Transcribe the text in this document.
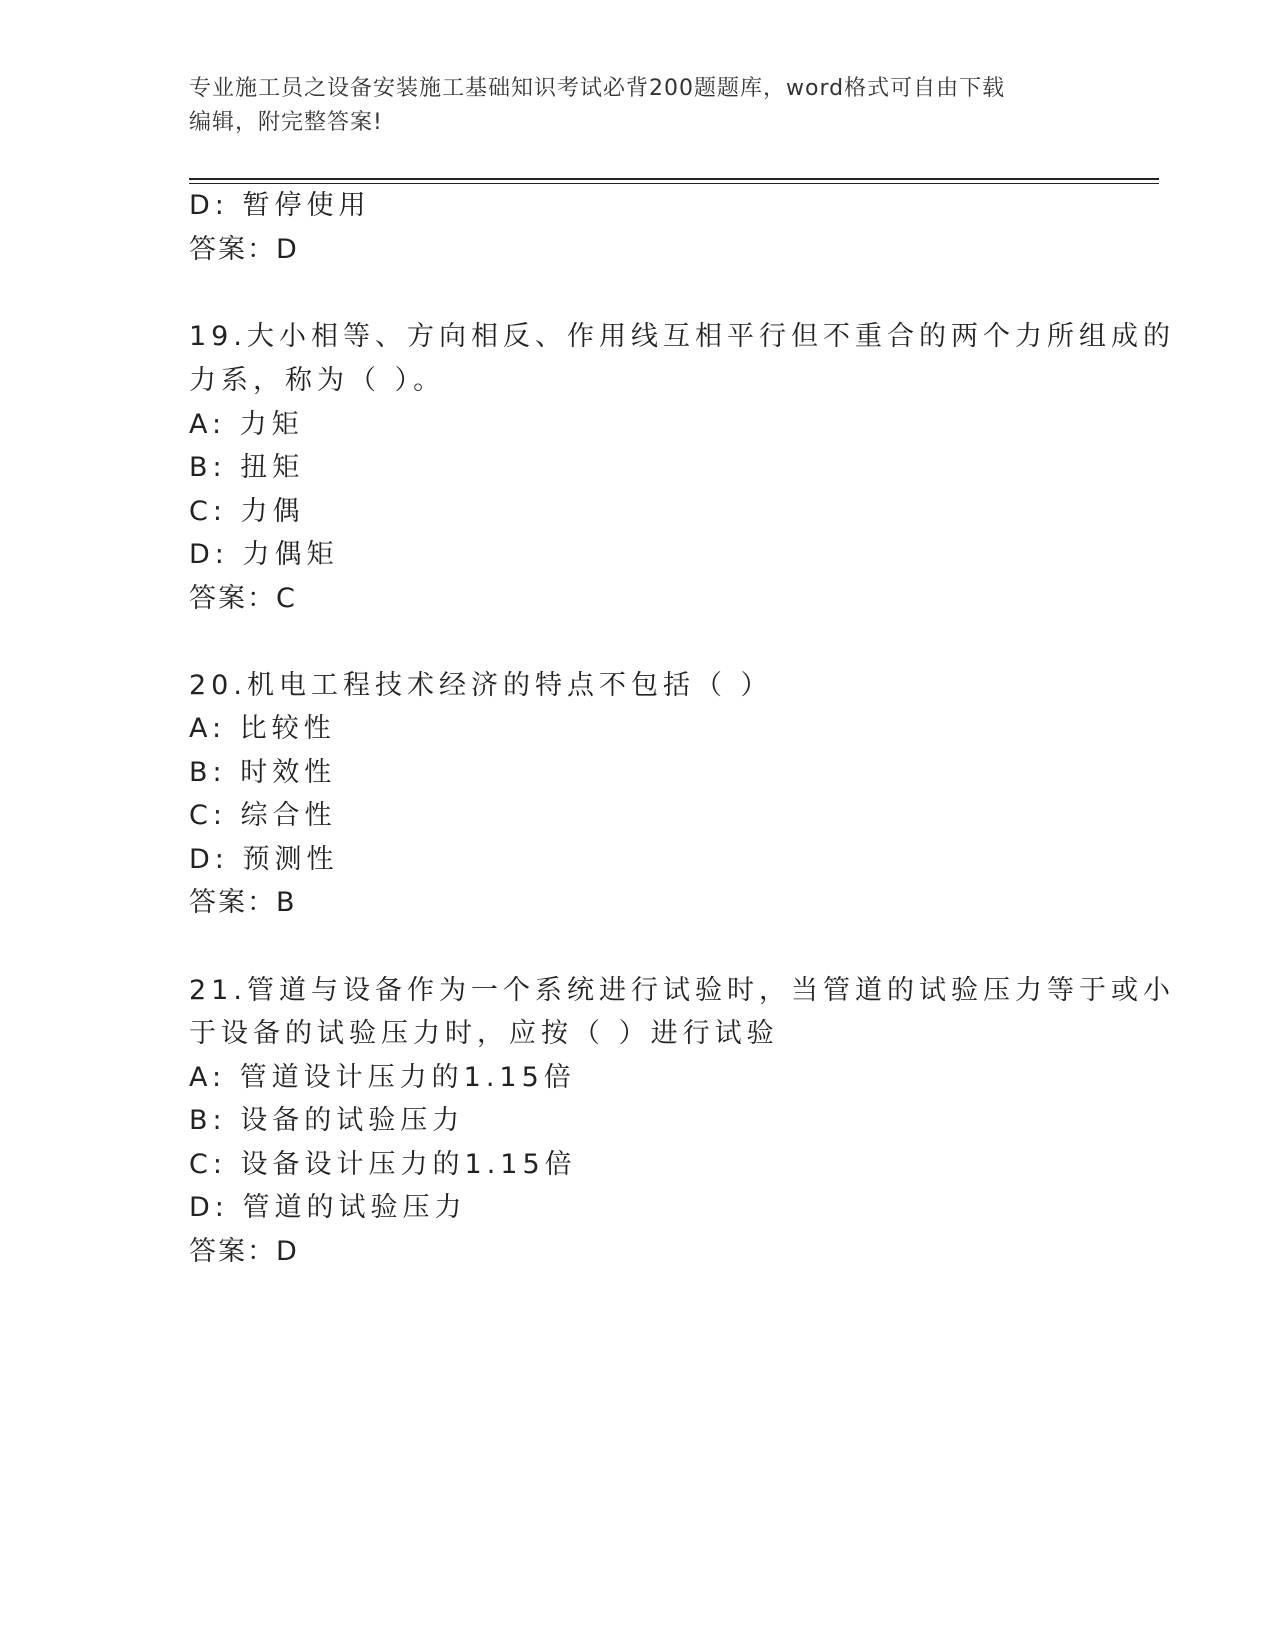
专业施工员之设备安装施工基础知识考试必背200题题库，word格式可自由下载
编辑，附完整答案!
D: 暂停使用
答案：D
19.大小相等、方向相反、作用线互相平行但不重合的两个力所组成的
力系，称为（ ）。
A: 力矩
B: 扭矩
C: 力偶
D: 力偶矩
答案：C
20.机电工程技术经济的特点不包括（ ）
A: 比较性
B: 时效性
C: 综合性
D: 预测性
答案：B
21.管道与设备作为一个系统进行试验时，当管道的试验压力等于或小
于设备的试验压力时，应按（ ）进行试验
A: 管道设计压力的1.15倍
B: 设备的试验压力
C: 设备设计压力的1.15倍
D: 管道的试验压力
答案：D
